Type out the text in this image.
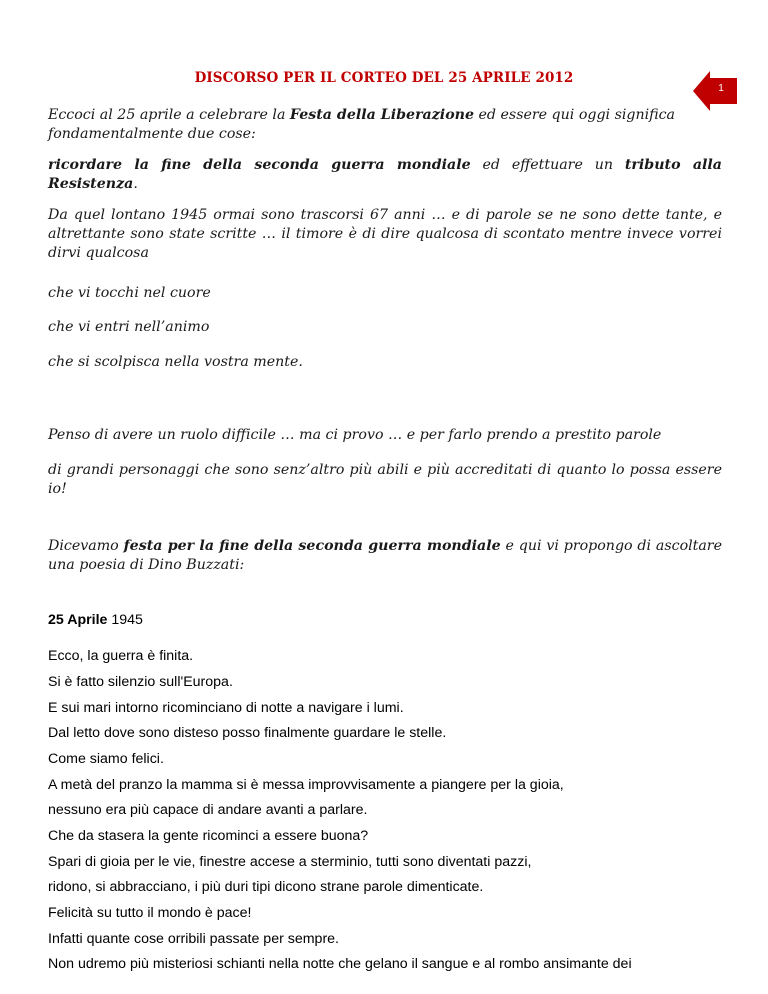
1
DISCORSO PER IL CORTEO DEL 25 APRILE 2012

Eccoci al 25 aprile a celebrare la Festa della Liberazione ed essere qui oggi significa fondamentalmente due cose:

ricordare la fine della seconda guerra mondiale ed effettuare un tributo alla Resistenza.

Da quel lontano 1945 ormai sono trascorsi 67 anni … e di parole se ne sono dette tante, e altrettante sono state scritte … il timore è di dire qualcosa di scontato mentre invece vorrei dirvi qualcosa

che vi tocchi nel cuore

che vi entri nell’animo

che si scolpisca nella vostra mente.

Penso di avere un ruolo difficile … ma ci provo … e per farlo prendo a prestito parole

di grandi personaggi che sono senz’altro più abili e più accreditati di quanto lo possa essere io!

Dicevamo festa per la fine della seconda guerra mondiale e qui vi propongo di ascoltare una poesia di Dino Buzzati:

25 Aprile 1945

Ecco, la guerra è finita.

Si è fatto silenzio sull'Europa.

E sui mari intorno ricominciano di notte a navigare i lumi.

Dal letto dove sono disteso posso finalmente guardare le stelle.

Come siamo felici.

A metà del pranzo la mamma si è messa improvvisamente a piangere per la gioia,

nessuno era più capace di andare avanti a parlare.

Che da stasera la gente ricominci a essere buona?

Spari di gioia per le vie, finestre accese a sterminio, tutti sono diventati pazzi,

ridono, si abbracciano, i più duri tipi dicono strane parole dimenticate.

Felicità su tutto il mondo è pace!

Infatti quante cose orribili passate per sempre.

Non udremo più misteriosi schianti nella notte che gelano il sangue e al rombo ansimante dei
